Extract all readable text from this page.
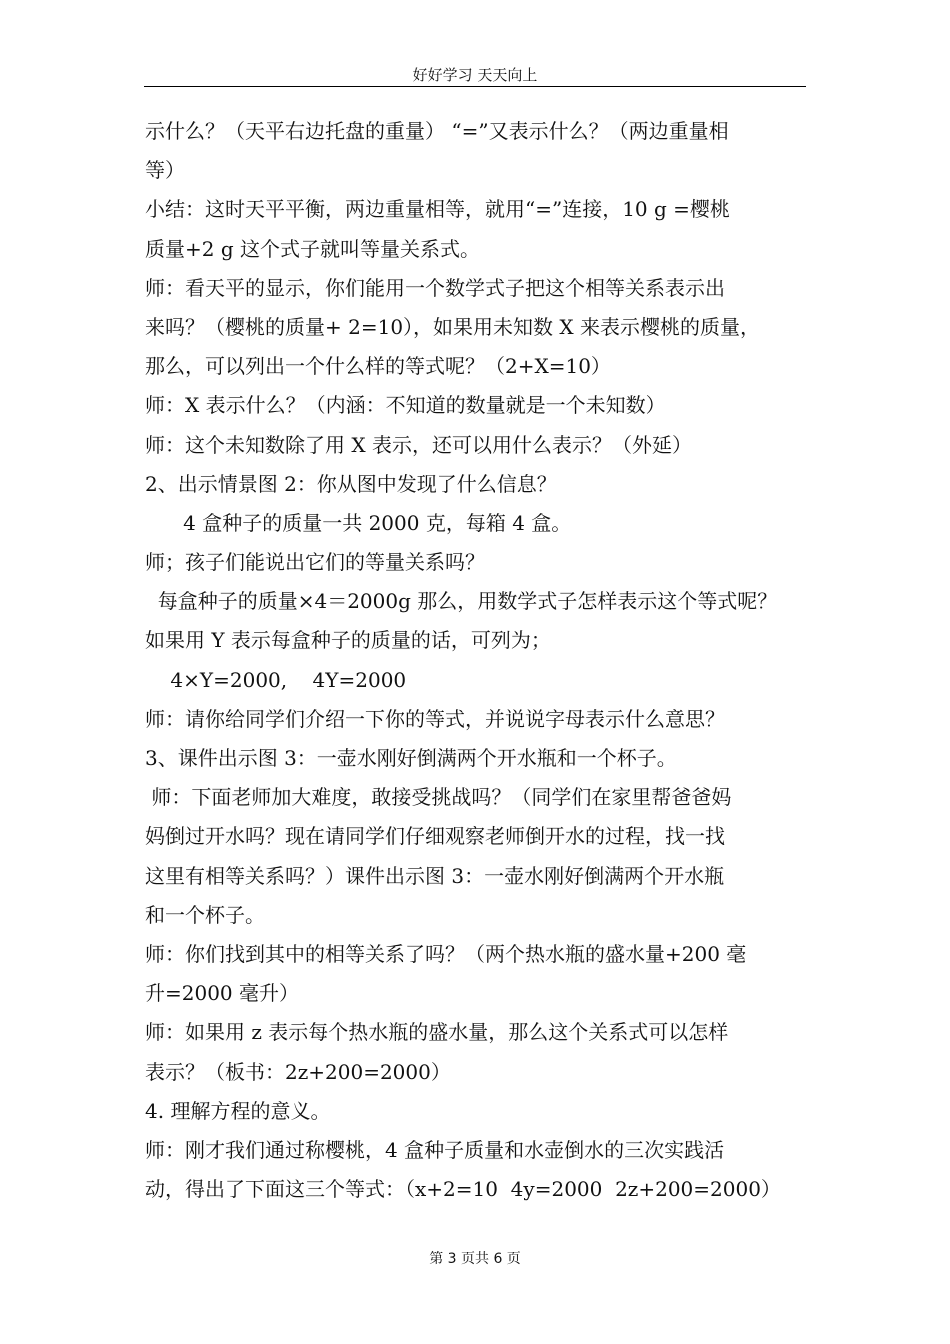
好好学习 天天向上
示什么？（天平右边托盘的重量） “=”又表示什么？（两边重量相
等）
小结：这时天平平衡，两边重量相等，就用“=”连接，10 g =樱桃
质量+2 g 这个式子就叫等量关系式。
师：看天平的显示，你们能用一个数学式子把这个相等关系表示出
来吗？（樱桃的质量+ 2=10），如果用未知数 X 来表示樱桃的质量，
那么，可以列出一个什么样的等式呢？（2+X=10）
师：X 表示什么？（内涵：不知道的数量就是一个未知数）
师：这个未知数除了用 X 表示，还可以用什么表示？（外延）
2、出示情景图 2：你从图中发现了什么信息？
4 盒种子的质量一共 2000 克，每箱 4 盒。
师；孩子们能说出它们的等量关系吗？
每盒种子的质量×4＝2000g 那么，用数学式子怎样表示这个等式呢？
如果用 Y 表示每盒种子的质量的话，可列为；
4×Y=2000,    4Y=2000
师：请你给同学们介绍一下你的等式，并说说字母表示什么意思？
3、课件出示图 3：一壶水刚好倒满两个开水瓶和一个杯子。
师：下面老师加大难度，敢接受挑战吗？（同学们在家里帮爸爸妈
妈倒过开水吗？现在请同学们仔细观察老师倒开水的过程，找一找
这里有相等关系吗？）课件出示图 3：一壶水刚好倒满两个开水瓶
和一个杯子。
师：你们找到其中的相等关系了吗？（两个热水瓶的盛水量+200 毫
升=2000 毫升）
师：如果用 z 表示每个热水瓶的盛水量，那么这个关系式可以怎样
表示？（板书：2z+200=2000）
4. 理解方程的意义。
师：刚才我们通过称樱桃，4 盒种子质量和水壶倒水的三次实践活
动，得出了下面这三个等式：（x+2=10  4y=2000  2z+200=2000）
第 3 页共 6 页
